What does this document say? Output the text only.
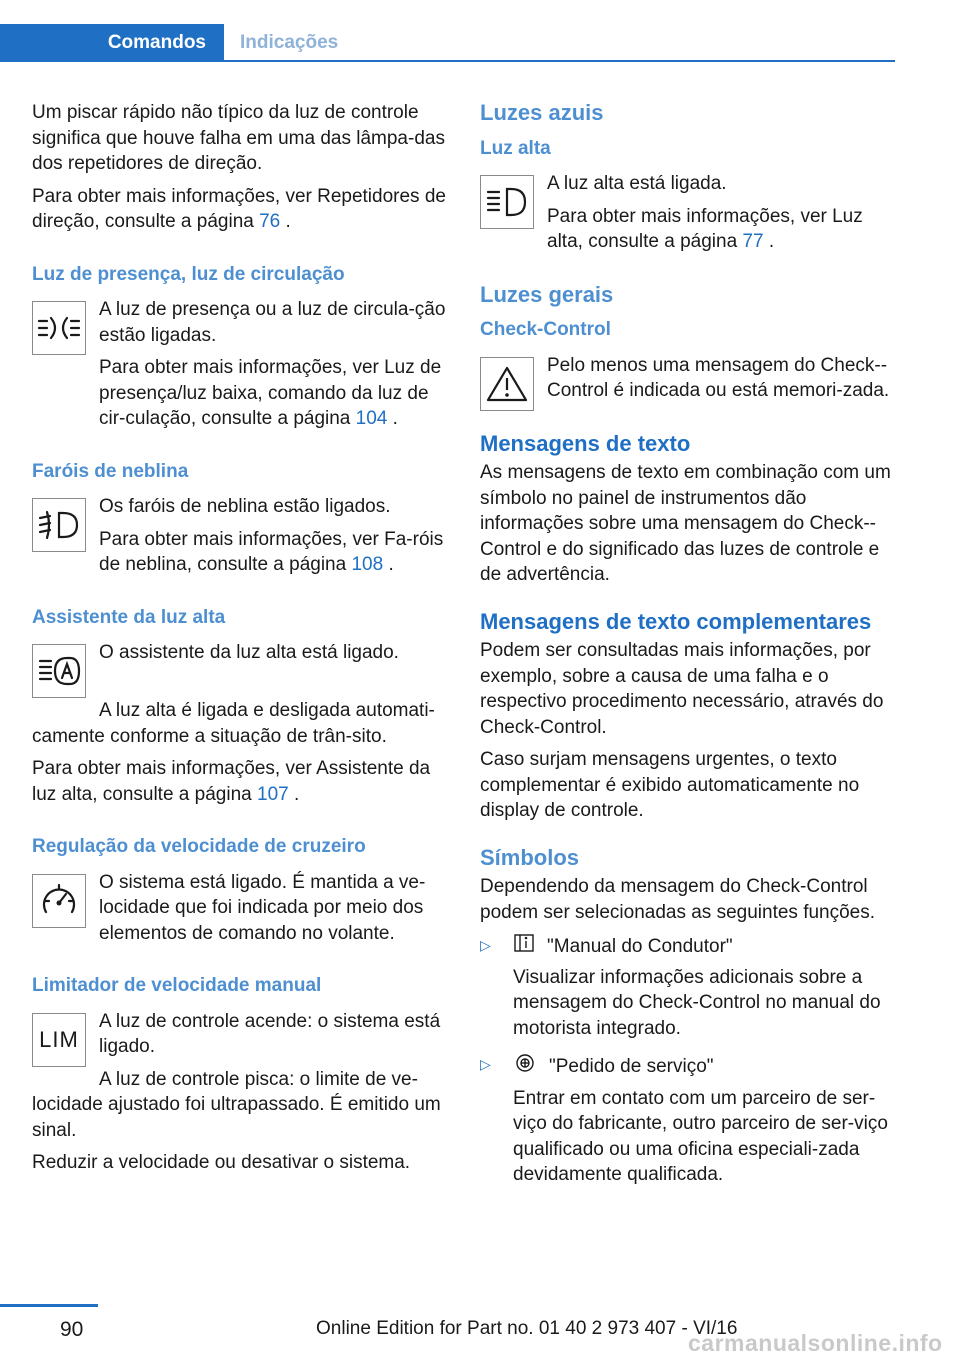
Comandos	Indicações

Um piscar rápido não típico da luz de controle significa que houve falha em uma das lâmpa‐das dos repetidores de direção.

Para obter mais informações, ver Repetidores de direção, consulte a página 76 .

Luz de presença, luz de circulação

A luz de presença ou a luz de circula‐ção estão ligadas.

Para obter mais informações, ver Luz de presença/luz baixa, comando da luz de cir‐culação, consulte a página 104 .

Faróis de neblina

Os faróis de neblina estão ligados.

Para obter mais informações, ver Fa‐róis de neblina, consulte a página 108 .

Assistente da luz alta

O assistente da luz alta está ligado.

A luz alta é ligada e desligada automati‐camente conforme a situação de trân‐sito.

Para obter mais informações, ver Assistente da luz alta, consulte a página 107 .

Regulação da velocidade de cruzeiro

O sistema está ligado. É mantida a ve‐locidade que foi indicada por meio dos elementos de comando no volante.

Limitador de velocidade manual
LIM

A luz de controle acende: o sistema está ligado.

A luz de controle pisca: o limite de ve‐locidade ajustado foi ultrapassado. É emitido um sinal.

Reduzir a velocidade ou desativar o sistema.

Luzes azuis
Luz alta

A luz alta está ligada.

Para obter mais informações, ver Luz alta, consulte a página 77 .

Luzes gerais
Check-Control

Pelo menos uma mensagem do Check‐-Control é indicada ou está memori‐zada.

Mensagens de texto

As mensagens de texto em combinação com um símbolo no painel de instrumentos dão informações sobre uma mensagem do Check‐-Control e do significado das luzes de controle e de advertência.

Mensagens de texto complementares

Podem ser consultadas mais informações, por exemplo, sobre a causa de uma falha e o respectivo procedimento necessário, através do Check-Control.

Caso surjam mensagens urgentes, o texto complementar é exibido automaticamente no display de controle.

Símbolos

Dependendo da mensagem do Check-Control podem ser selecionadas as seguintes funções.

▷	"Manual do Condutor"

Visualizar informações adicionais sobre a mensagem do Check-Control no manual do motorista integrado.

▷	"Pedido de serviço"

Entrar em contato com um parceiro de ser‐viço do fabricante, outro parceiro de ser‐viço qualificado ou uma oficina especiali‐zada devidamente qualificada.

90	Online Edition for Part no. 01 40 2 973 407 - VI/16
carmanualsonline.info
